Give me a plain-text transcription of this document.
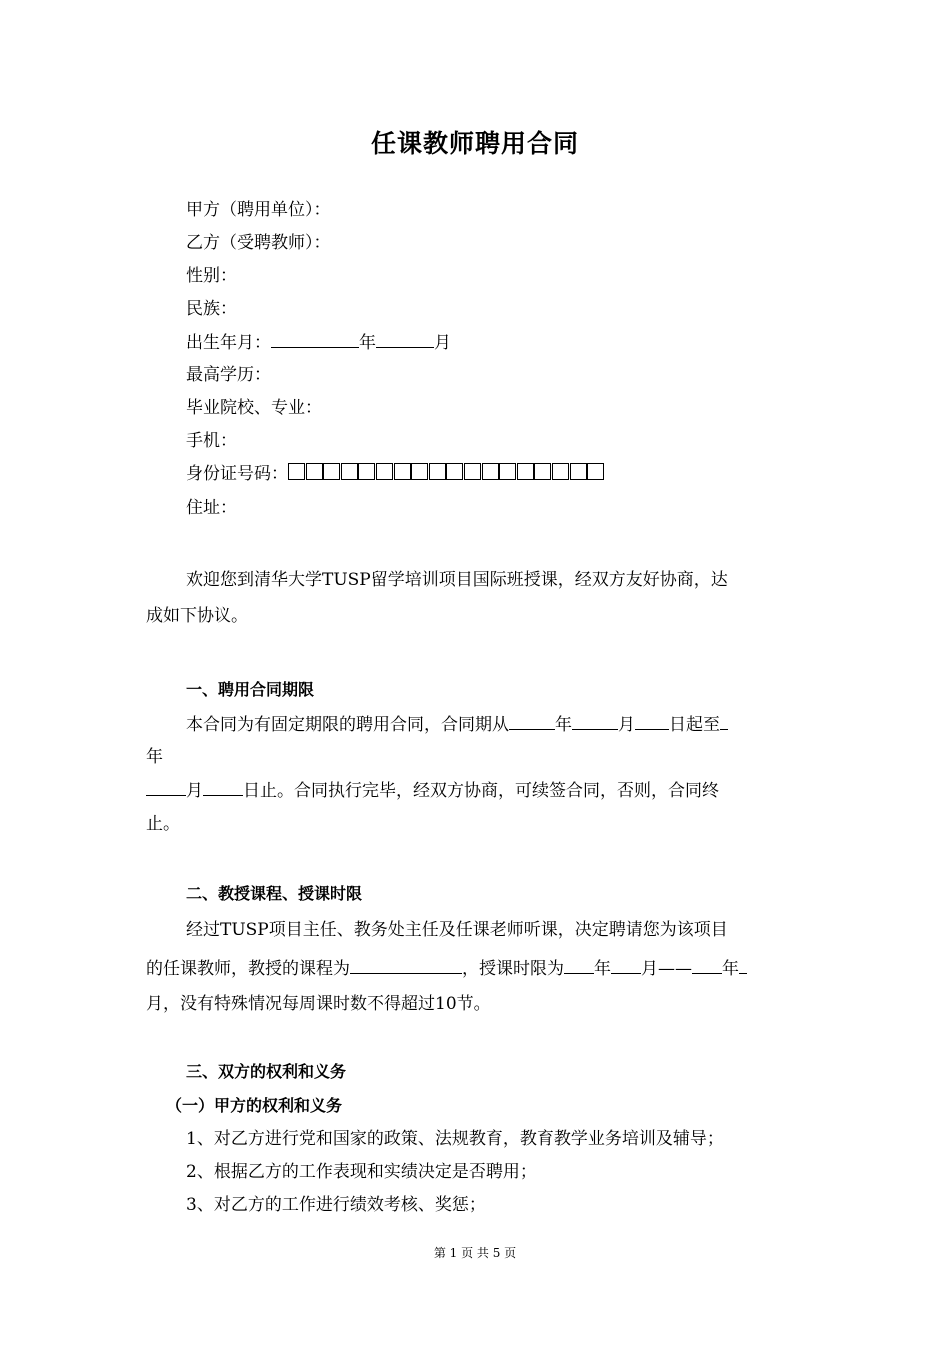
任课教师聘用合同
甲方（聘用单位）：
乙方（受聘教师）：
性别：
民族：
出生年月：	年	月
最高学历：
毕业院校、专业：
手机：
身份证号码：
住址：
欢迎您到清华大学TUSP留学培训项目国际班授课，经双方友好协商，达
成如下协议。
一、聘用合同期限
本合同为有固定期限的聘用合同，合同期从	年	月 日起至
年
月 日止。合同执行完毕，经双方协商，可续签合同，否则，合同终
止。
二、教授课程、授课时限
经过TUSP项目主任、教务处主任及任课老师听课，决定聘请您为该项目
的任课教师，教授的课程为	，授课时限为 年 月—— 年
月，没有特殊情况每周课时数不得超过10节。
三、双方的权利和义务
（一）甲方的权利和义务
1、对乙方进行党和国家的政策、法规教育，教育教学业务培训及辅导；
2、根据乙方的工作表现和实绩决定是否聘用；
3、对乙方的工作进行绩效考核、奖惩；
第 1 页 共 5 页
